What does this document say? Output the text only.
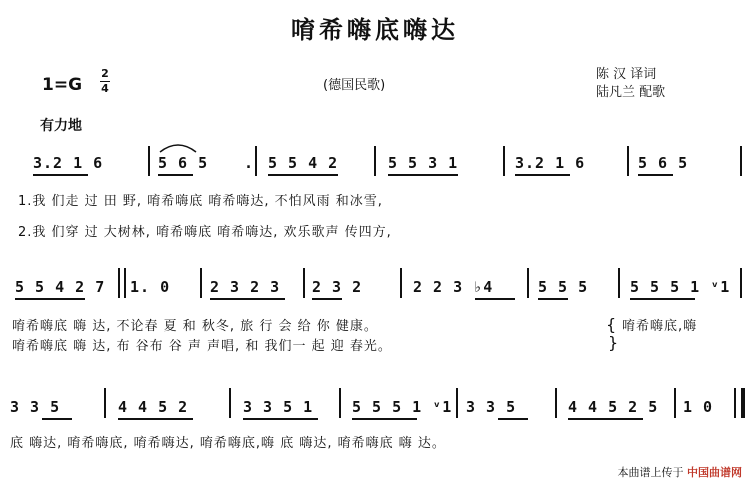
唷希嗨底嗨达
1=G
2
4	(德国民歌)
陈 汉 译词
陆凡兰 配歌
有力地
3.2 1 6	5 6 5 . 5 5 4 2	5 5 3 1	3.2 1 6	5 6 5
1.我 们走 过 田 野, 唷希嗨底 唷希嗨达, 不怕风雨 和冰雪,
2.我 们穿 过 大树林, 唷希嗨底 唷希嗨达, 欢乐歌声 传四方,
5 5 4 2 7 1. 0	2 3 2 3 2 3 2	2 2 3 ♭4	5 5 5	5 5 5 1 ᵛ1
唷希嗨底 嗨 达, 不论春 夏 和 秋冬, 旅 行 会 给 你 健康。
唷希嗨底 嗨 达, 布 谷布 谷 声 声唱, 和 我们一 起 迎 春光。
唷希嗨底,嗨
{
}
3 3 5	4 4 5 2	3 3 5 1	5 5 5 1 ᵛ1 3 3 5	4 4 5 2 5 1 0
底 嗨达, 唷希嗨底, 唷希嗨达, 唷希嗨底,嗨 底 嗨达, 唷希嗨底 嗨 达。
本曲谱上传于 中国曲谱网
